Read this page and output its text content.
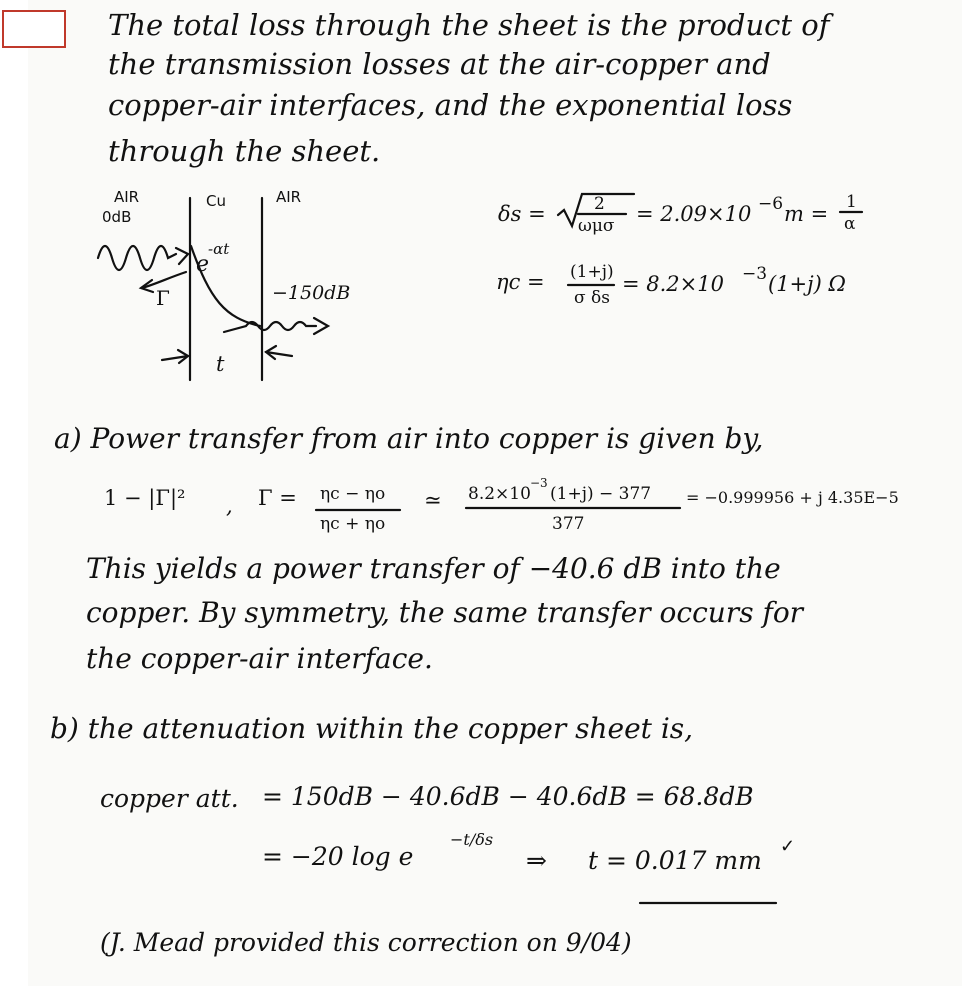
The total loss through the sheet is the product of
the transmission losses at the air-copper and
copper-air interfaces, and the exponential loss
through the sheet.
AIR
0dB
Cu	AIR
e
-αt
Γ	−150dB
t
δs =	2
ωμσ = 2.09×10 −6 m = 1
α
ηc = (1+j)
σ δs
= 8.2×10 −3 (1+j) Ω
a) Power transfer from air into copper is given by,
1 − |Γ|² , Γ = ηc − ηo
ηc + ηo
≃ 8.2×10
−3
(1+j) − 377
377
= −0.999956 + j 4.35E−5
This yields a power transfer of −40.6 dB into the
copper. By symmetry, the same transfer occurs for
the copper-air interface.
b) the attenuation within the copper sheet is,
copper att. = 150dB − 40.6dB − 40.6dB = 68.8dB
= −20 log e
−t/δs
⇒ t = 0.017 mm ✓
(J. Mead provided this correction on 9/04)
